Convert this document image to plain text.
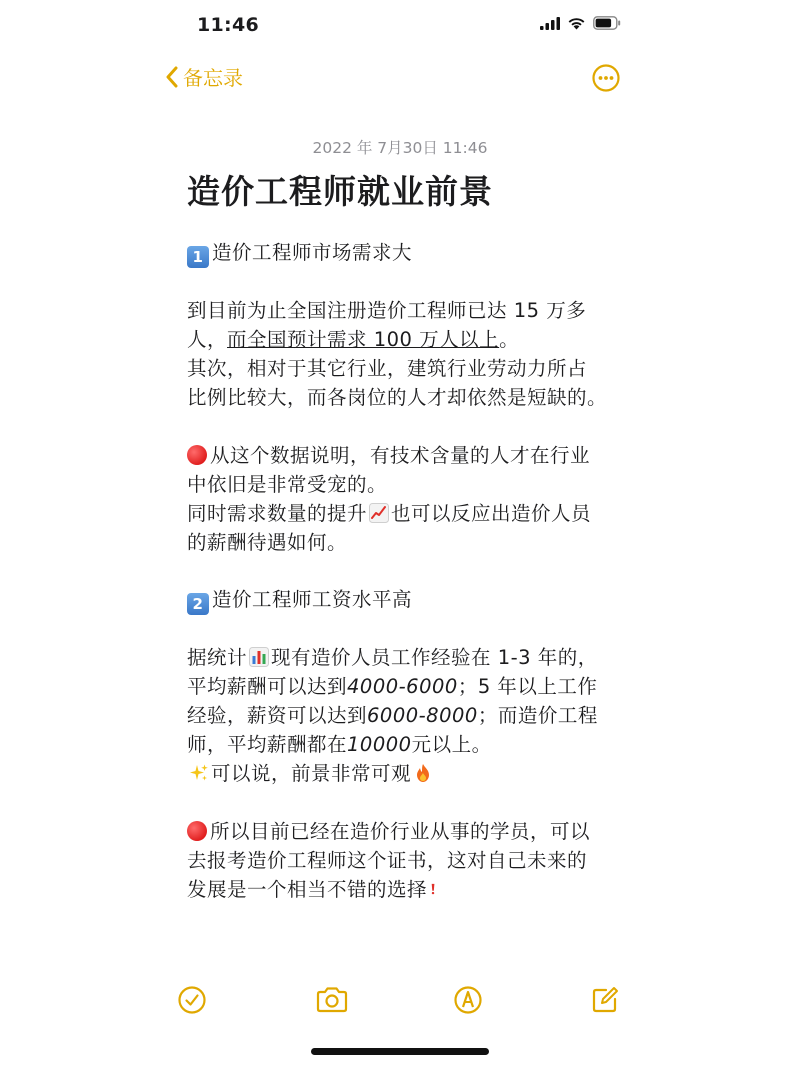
11:46
备忘录
2022 年 7月30日 11:46
造价工程师就业前景
1 造价工程师市场需求大
到目前为止全国注册造价工程师已达 15 万多
人，而全国预计需求 100 万人以上。
其次，相对于其它行业，建筑行业劳动力所占
比例比较大，而各岗位的人才却依然是短缺的。
从这个数据说明，有技术含量的人才在行业
中依旧是非常受宠的。
同时需求数量的提升 也可以反应出造价人员
的薪酬待遇如何。
2 造价工程师工资水平高
据统计 现有造价人员工作经验在 1-3 年的，
平均薪酬可以达到4000-6000；5 年以上工作
经验，薪资可以达到6000-8000；而造价工程
师，平均薪酬都在10000元以上。
可以说，前景非常可观
所以目前已经在造价行业从事的学员，可以
去报考造价工程师这个证书，这对自己未来的
发展是一个相当不错的选择
